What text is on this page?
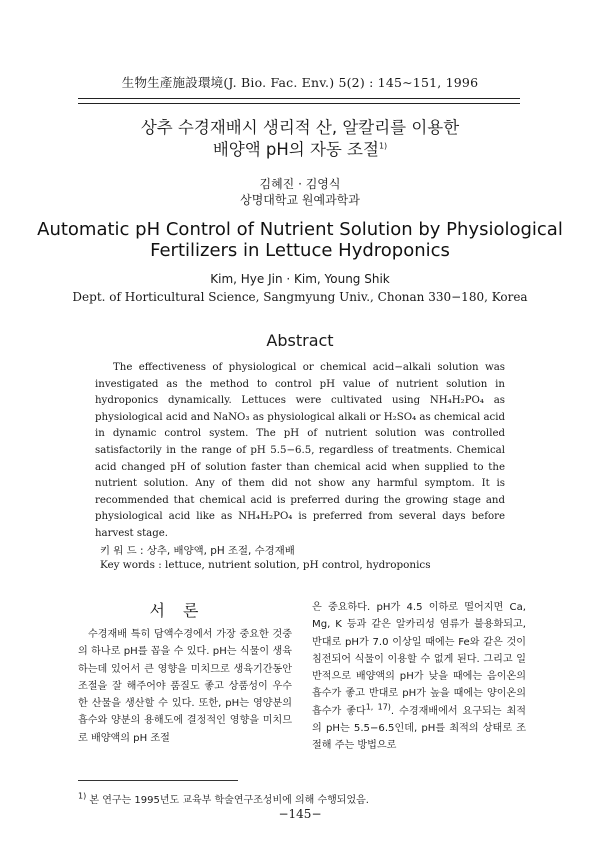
生物生產施設環境(J. Bio. Fac. Env.) 5(2) : 145∼151, 1996
상추 수경재배시 생리적 산, 알칼리를 이용한
배양액 pH의 자동 조절$^{1)}$
김혜진 · 김영식
상명대학교 원예과학과
Automatic pH Control of Nutrient Solution by Physiological
Fertilizers in Lettuce Hydroponics
Kim, Hye Jin · Kim, Young Shik
Dept. of Horticultural Science, Sangmyung Univ., Chonan 330−180, Korea
Abstract

The effectiveness of physiological or chemical acid−alkali solution was investigated as the method to control pH value of nutrient solution in hydroponics dynamically. Lettuces were cultivated using NH₄H₂PO₄ as physiological acid and NaNO₃ as physiological alkali or H₂SO₄ as chemical acid in dynamic control system. The pH of nutrient solution was controlled satisfactorily in the range of pH 5.5−6.5, regardless of treatments. Chemical acid changed pH of solution faster than chemical acid when supplied to the nutrient solution. Any of them did not show any harmful symptom. It is recommended that chemical acid is preferred during the growing stage and physiological acid like as NH₄H₂PO₄ is preferred from several days before harvest stage.

키 워 드 : 상추, 배양액, pH 조절, 수경재배
Key words : lettuce, nutrient solution, pH control, hydroponics
서론

수경재배 특히 담액수경에서 가장 중요한 것중의 하나로 pH를 꼽을 수 있다. pH는 식물이 생육하는데 있어서 큰 영향을 미치므로 생육기간동안 조절을 잘 해주어야 품질도 좋고 상품성이 우수한 산물을 생산할 수 있다. 또한, pH는 영양분의 흡수와 양분의 용해도에 결정적인 영향을 미치므로 배양액의 pH 조절

은 중요하다. pH가 4.5 이하로 떨어지면 Ca, Mg, K 등과 같은 알카리성 염류가 불용화되고, 반대로 pH가 7.0 이상일 때에는 Fe와 같은 것이 침전되어 식물이 이용할 수 없게 된다. 그리고 일반적으로 배양액의 pH가 낮을 때에는 음이온의 흡수가 좋고 반대로 pH가 높을 때에는 양이온의 흡수가 좋다$^{1, 17)}$. 수경재배에서 요구되는 최적의 pH는 5.5−6.5인데, pH를 최적의 상태로 조절해 주는 방법으로

$^{1)}$ 본 연구는 1995년도 교육부 학술연구조성비에 의해 수행되었음.
−145−
